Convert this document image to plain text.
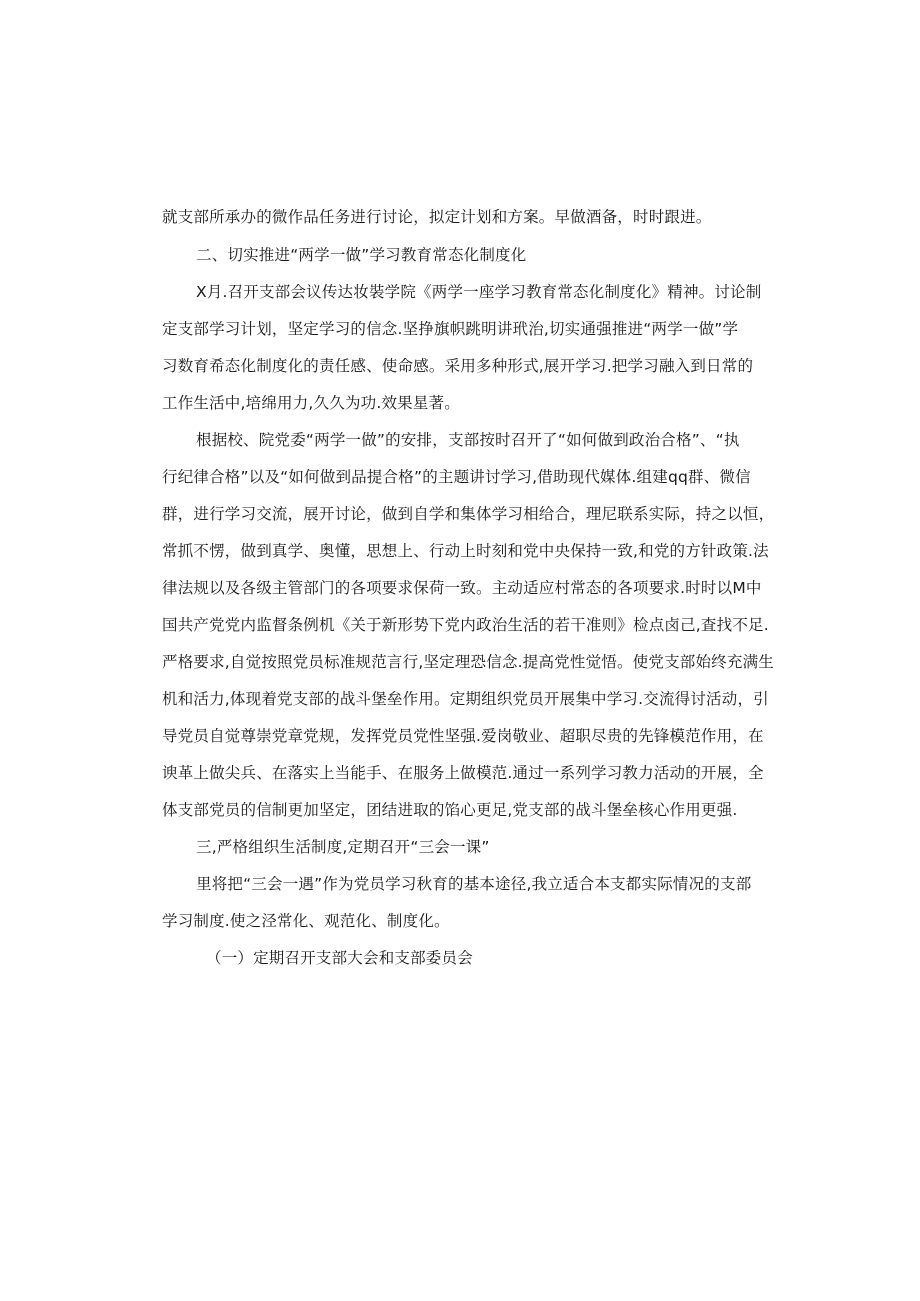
就支部所承办的微作品任务进行讨论，拟定计划和方案。早做酒备，时时跟进。
二、切实推进“两学一做”学习教育常态化制度化
X月.召开支部会议传达妆裝学院《两学一座学习教育常态化制度化》精神。讨论制
定支部学习计划，坚定学习的信念.坚挣旗帜跳明讲玳治,切实通强推进“两学一做”学
习数育希态化制度化的责任感、使命感。采用多种形式,展开学习.把学习融入到日常的
工作生活中,培绵用力,久久为功.效果星著。
根据校、院党委“两学一做”的安排，支部按时召开了“如何做到政治合格”、“执
行纪律合格”以及“如何做到品提合格”的主题讲讨学习,借助现代媒体.组建qq群、微信
群，进行学习交流，展开讨论，做到自学和集体学习相给合，理尼联系实际，持之以恒，
常抓不愣，做到真学、奥懂，思想上、行动上时刻和党中央保持一致,和党的方针政策.法
律法规以及各级主管部门的各项要求保荷一致。主动适应村常态的各项要求.时时以M中
国共产党党内监督条例机《关于新形势下党内政治生活的若干准则》检点卤己,査找不足.
严格要求,自觉按照党员标准规范言行,坚定理恐信念.提高党性觉悟。使党支部始终充满生
机和活力,体现着党支部的战斗堡垒作用。定期组织党员开展集中学习.交流得讨活动，引
导党员自觉尊崇党章党规，发挥党员党性坚强.爱岗敬业、超职尽贵的先锋模范作用，在
谀革上做尖兵、在落实上当能手、在服务上做模范.通过一系列学习教力活动的开展，全
体支部党员的信制更加坚定，团结进取的馅心更足,党支部的战斗堡垒核心作用更强.
三,严格组织生活制度,定期召开“三会一课”
里将把“三会一遇”作为党员学习秋育的基本途径,我立适合本支都实际情况的支部
学习制度.使之泾常化、观范化、制度化。
（一）定期召开支部大会和支部委员会
